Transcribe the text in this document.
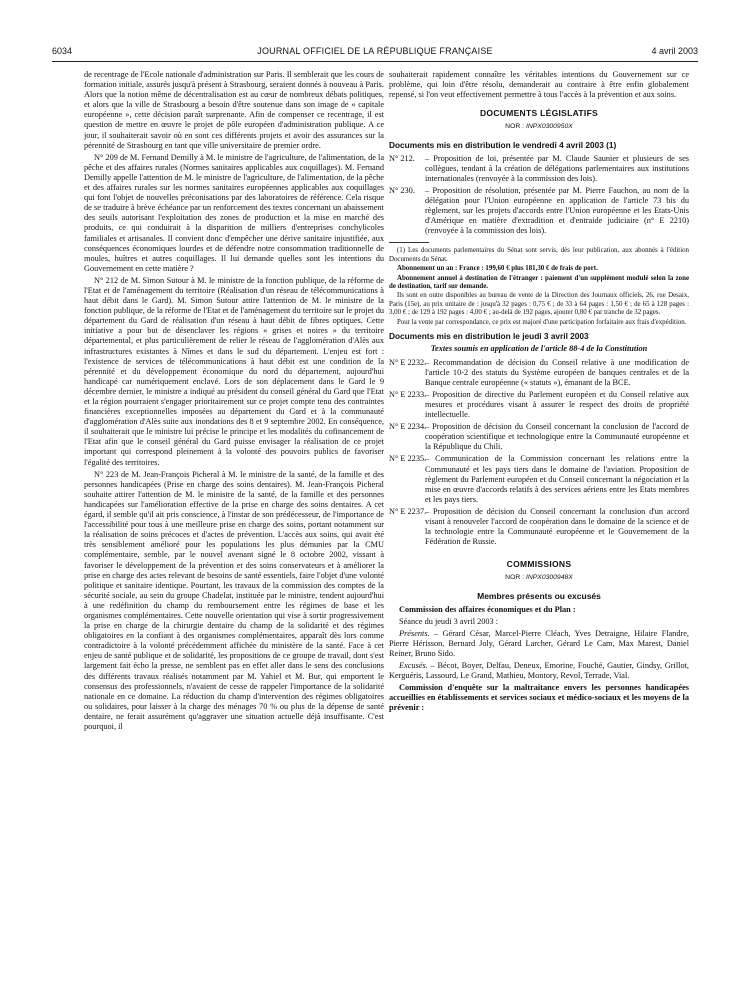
6034	JOURNAL OFFICIEL DE LA RÉPUBLIQUE FRANÇAISE	4 avril 2003

de recentrage de l'Ecole nationale d'administration sur Paris. Il semblerait que les cours de formation initiale, assurés jusqu'à présent à Strasbourg, seraient donnés à nouveau à Paris. Alors que la notion même de décentralisation est au cœur de nombreux débats politiques, et alors que la ville de Strasbourg a besoin d'être soutenue dans son image de « capitale européenne », cette décision paraît surprenante. Afin de compenser ce recentrage, il est question de mettre en œuvre le projet de pôle européen d'administration publique. A ce jour, il souhaiterait savoir où en sont ces différents projets et avoir des assurances sur la pérennité de Strasbourg en tant que ville universitaire de premier ordre.

N° 209 de M. Fernand Demilly à M. le ministre de l'agriculture, de l'alimentation, de la pêche et des affaires rurales (Normes sanitaires applicables aux coquillages). M. Fernand Demilly appelle l'attention de M. le ministre de l'agriculture, de l'alimentation, de la pêche et des affaires rurales sur les normes sanitaires européennes applicables aux coquillages qui font l'objet de nouvelles préconisations par des laboratoires de référence. Cela risque de se traduire à brève échéance par un renforcement des textes concernant un abaissement des seuils autorisant l'exploitation des zones de production et la mise en marché des produits, ce qui conduirait à la disparition de milliers d'entreprises conchylicoles familiales et artisanales. Il convient donc d'empêcher une dérive sanitaire injustifiée, aux conséquences économiques lourdes et de défendre notre consommation traditionnelle de moules, huîtres et autres coquillages. Il lui demande quelles sont les intentions du Gouvernement en cette matière ?

N° 212 de M. Simon Sutour à M. le ministre de la fonction publique, de la réforme de l'Etat et de l'aménagement du territoire (Réalisation d'un réseau de télécommunications à haut débit dans le Gard). M. Simon Sutour attire l'attention de M. le ministre de la fonction publique, de la réforme de l'Etat et de l'aménagement du territoire sur le projet du département du Gard de réalisation d'un réseau à haut débit de fibres optiques. Cette initiative a pour but de désenclaver les régions « grises et noires » du territoire départemental, et plus particulièrement de relier le réseau de l'agglomération d'Alès aux infrastructures existantes à Nîmes et dans le sud du département. L'enjeu est fort : l'existence de services de télécommunications à haut débit est une condition de la pérennité et du développement économique du nord du département, aujourd'hui handicapé car numériquement enclavé. Lors de son déplacement dans le Gard le 9 décembre dernier, le ministre a indiqué au président du conseil général du Gard que l'Etat et la région pourraient s'engager prioritairement sur ce projet compte tenu des contraintes financières exceptionnelles imposées au département du Gard et à la communauté d'agglomération d'Alès suite aux inondations des 8 et 9 septembre 2002. En conséquence, il souhaiterait que le ministre lui précise le principe et les modalités du cofinancement de l'Etat afin que le conseil général du Gard puisse envisager la réalisation de ce projet important qui correspond pleinement à la volonté des pouvoirs publics de favoriser l'égalité des territoires.

N° 223 de M. Jean-François Picheral à M. le ministre de la santé, de la famille et des personnes handicapées (Prise en charge des soins dentaires). M. Jean-François Picheral souhaite attirer l'attention de M. le ministre de la santé, de la famille et des personnes handicapées sur l'amélioration effective de la prise en charge des soins dentaires. A cet égard, il semble qu'il ait pris conscience, à l'instar de son prédécesseur, de l'importance de l'accessibilité pour tous à une meilleure prise en charge des soins, portant notamment sur la réalisation de soins précoces et d'actes de prévention. L'accès aux soins, qui avait été très sensiblement amélioré pour les populations les plus démunies par la CMU complémentaire, semble, par le nouvel avenant signé le 8 octobre 2002, vissant à favoriser le développement de la prévention et des soins conservateurs et à améliorer la prise en charge des actes relevant de besoins de santé essentiels, faire l'objet d'une volonté politique et sanitaire identique. Pourtant, les travaux de la commission des comptes de la sécurité sociale, au sein du groupe Chadelat, instituée par le ministre, tendent aujourd'hui à une redéfinition du champ du remboursement entre les régimes de base et les organismes complémentaires. Cette nouvelle orientation qui vise à sortir progressivement la prise en charge de la chirurgie dentaire du champ de la solidarité et des régimes obligatoires en la confiant à des organismes complémentaires, apparaît dès lors comme contradictoire à la volonté précédemment affichée du ministère de la santé. Face à cet enjeu de santé publique et de solidarité, les propositions de ce groupe de travail, dont s'est largement fait écho la presse, ne semblent pas en effet aller dans le sens des conclusions des différents travaux réalisés notamment par M. Yahiel et M. Bur, qui emportent le consensus des professionnels, n'avaient de cesse de rappeler l'importance de la solidarité nationale en ce domaine. La réduction du champ d'intervention des régimes obligatoires ou solidaires, pour laisser à la charge des ménages 70 % ou plus de la dépense de santé dentaire, ne ferait assurément qu'aggraver une situation actuelle déjà insuffisante. C'est pourquoi, il

souhaiterait rapidement connaître les véritables intentions du Gouvernement sur ce problème, qui loin d'être résolu, demanderait au contraire à être enfin globalement repensé, si l'on veut effectivement permettre à tous l'accès à la prévention et aux soins.

DOCUMENTS LÉGISLATIFS
NOR : INPX0300950X
Documents mis en distribution le vendredi 4 avril 2003 (1)
N° 212. – Proposition de loi, présentée par M. Claude Saunier et plusieurs de ses collègues, tendant à la création de délégations parlementaires aux institutions internationales (renvoyée à la commission des lois).
N° 230. – Proposition de résolution, présentée par M. Pierre Fauchon, au nom de la délégation pour l'Union européenne en application de l'article 73 bis du règlement, sur les projets d'accords entre l'Union européenne et les Etats-Unis d'Amérique en matière d'extradition et d'entraide judiciaire (n° E 2210) (renvoyée à la commission des lois).

(1) Les documents parlementaires du Sénat sont servis, dès leur publication, aux abonnés à l'édition Documents du Sénat.

Abonnement un an : France : 199,60 € plus 181,30 € de frais de port.

Abonnement annuel à destination de l'étranger : paiement d'un supplément modulé selon la zone de destination, tarif sur demande.

Ils sont en outre disponibles au bureau de vente de la Direction des Journaux officiels, 26, rue Desaix, Paris (15e), au prix unitaire de : jusqu'à 32 pages : 0,75 € ; de 33 à 64 pages : 1,50 € ; de 65 à 128 pages : 3,00 € ; de 129 à 192 pages : 4,00 € ; au-delà de 192 pages, ajouter 0,80 € par tranche de 32 pages.

Pour la vente par correspondance, ce prix est majoré d'une participation forfaitaire aux frais d'expédition.

Documents mis en distribution le jeudi 3 avril 2003
Textes soumis en application de l'article 88-4 de la Constitution
N° E 2232.
– Recommandation de décision du Conseil relative à une modification de l'article 10-2 des statuts du Système européen de banques centrales et de la Banque centrale européenne (« statuts »), émanant de la BCE.
N° E 2233.
– Proposition de directive du Parlement européen et du Conseil relative aux mesures et procédures visant à assurer le respect des droits de propriété intellectuelle.
N° E 2234.
– Proposition de décision du Conseil concernant la conclusion de l'accord de coopération scientifique et technologique entre la Communauté européenne et la République du Chili.
N° E 2235.
– Communication de la Commission concernant les relations entre la Communauté et les pays tiers dans le domaine de l'aviation. Proposition de règlement du Parlement européen et du Conseil concernant la négociation et la mise en œuvre d'accords relatifs à des services aériens entre les Etats membres et les pays tiers.
N° E 2237.
– Proposition de décision du Conseil concernant la conclusion d'un accord visant à renouveler l'accord de coopération dans le domaine de la science et de la technologie entre la Communauté européenne et le Gouvernement de la Fédération de Russie.
COMMISSIONS
NOR : INPX0300948X
Membres présents ou excusés

Commission des affaires économiques et du Plan :

Séance du jeudi 3 avril 2003 :

Présents. – Gérard César, Marcel-Pierre Cléach, Yves Detraigne, Hilaire Flandre, Pierre Hérisson, Bernard Joly, Gérard Larcher, Gérard Le Cam, Max Marest, Daniel Reiner, Bruno Sido.

Excusés. – Bécot, Boyer, Delfau, Deneux, Emorine, Fouché, Gautier, Gindsy, Grillot, Kerguéris, Lassourd, Le Grand, Mathieu, Montory, Revol, Terrade, Vial.

Commission d'enquête sur la maltraitance envers les personnes handicapées accueillies en établissements et services sociaux et médico-sociaux et les moyens de la prévenir :
